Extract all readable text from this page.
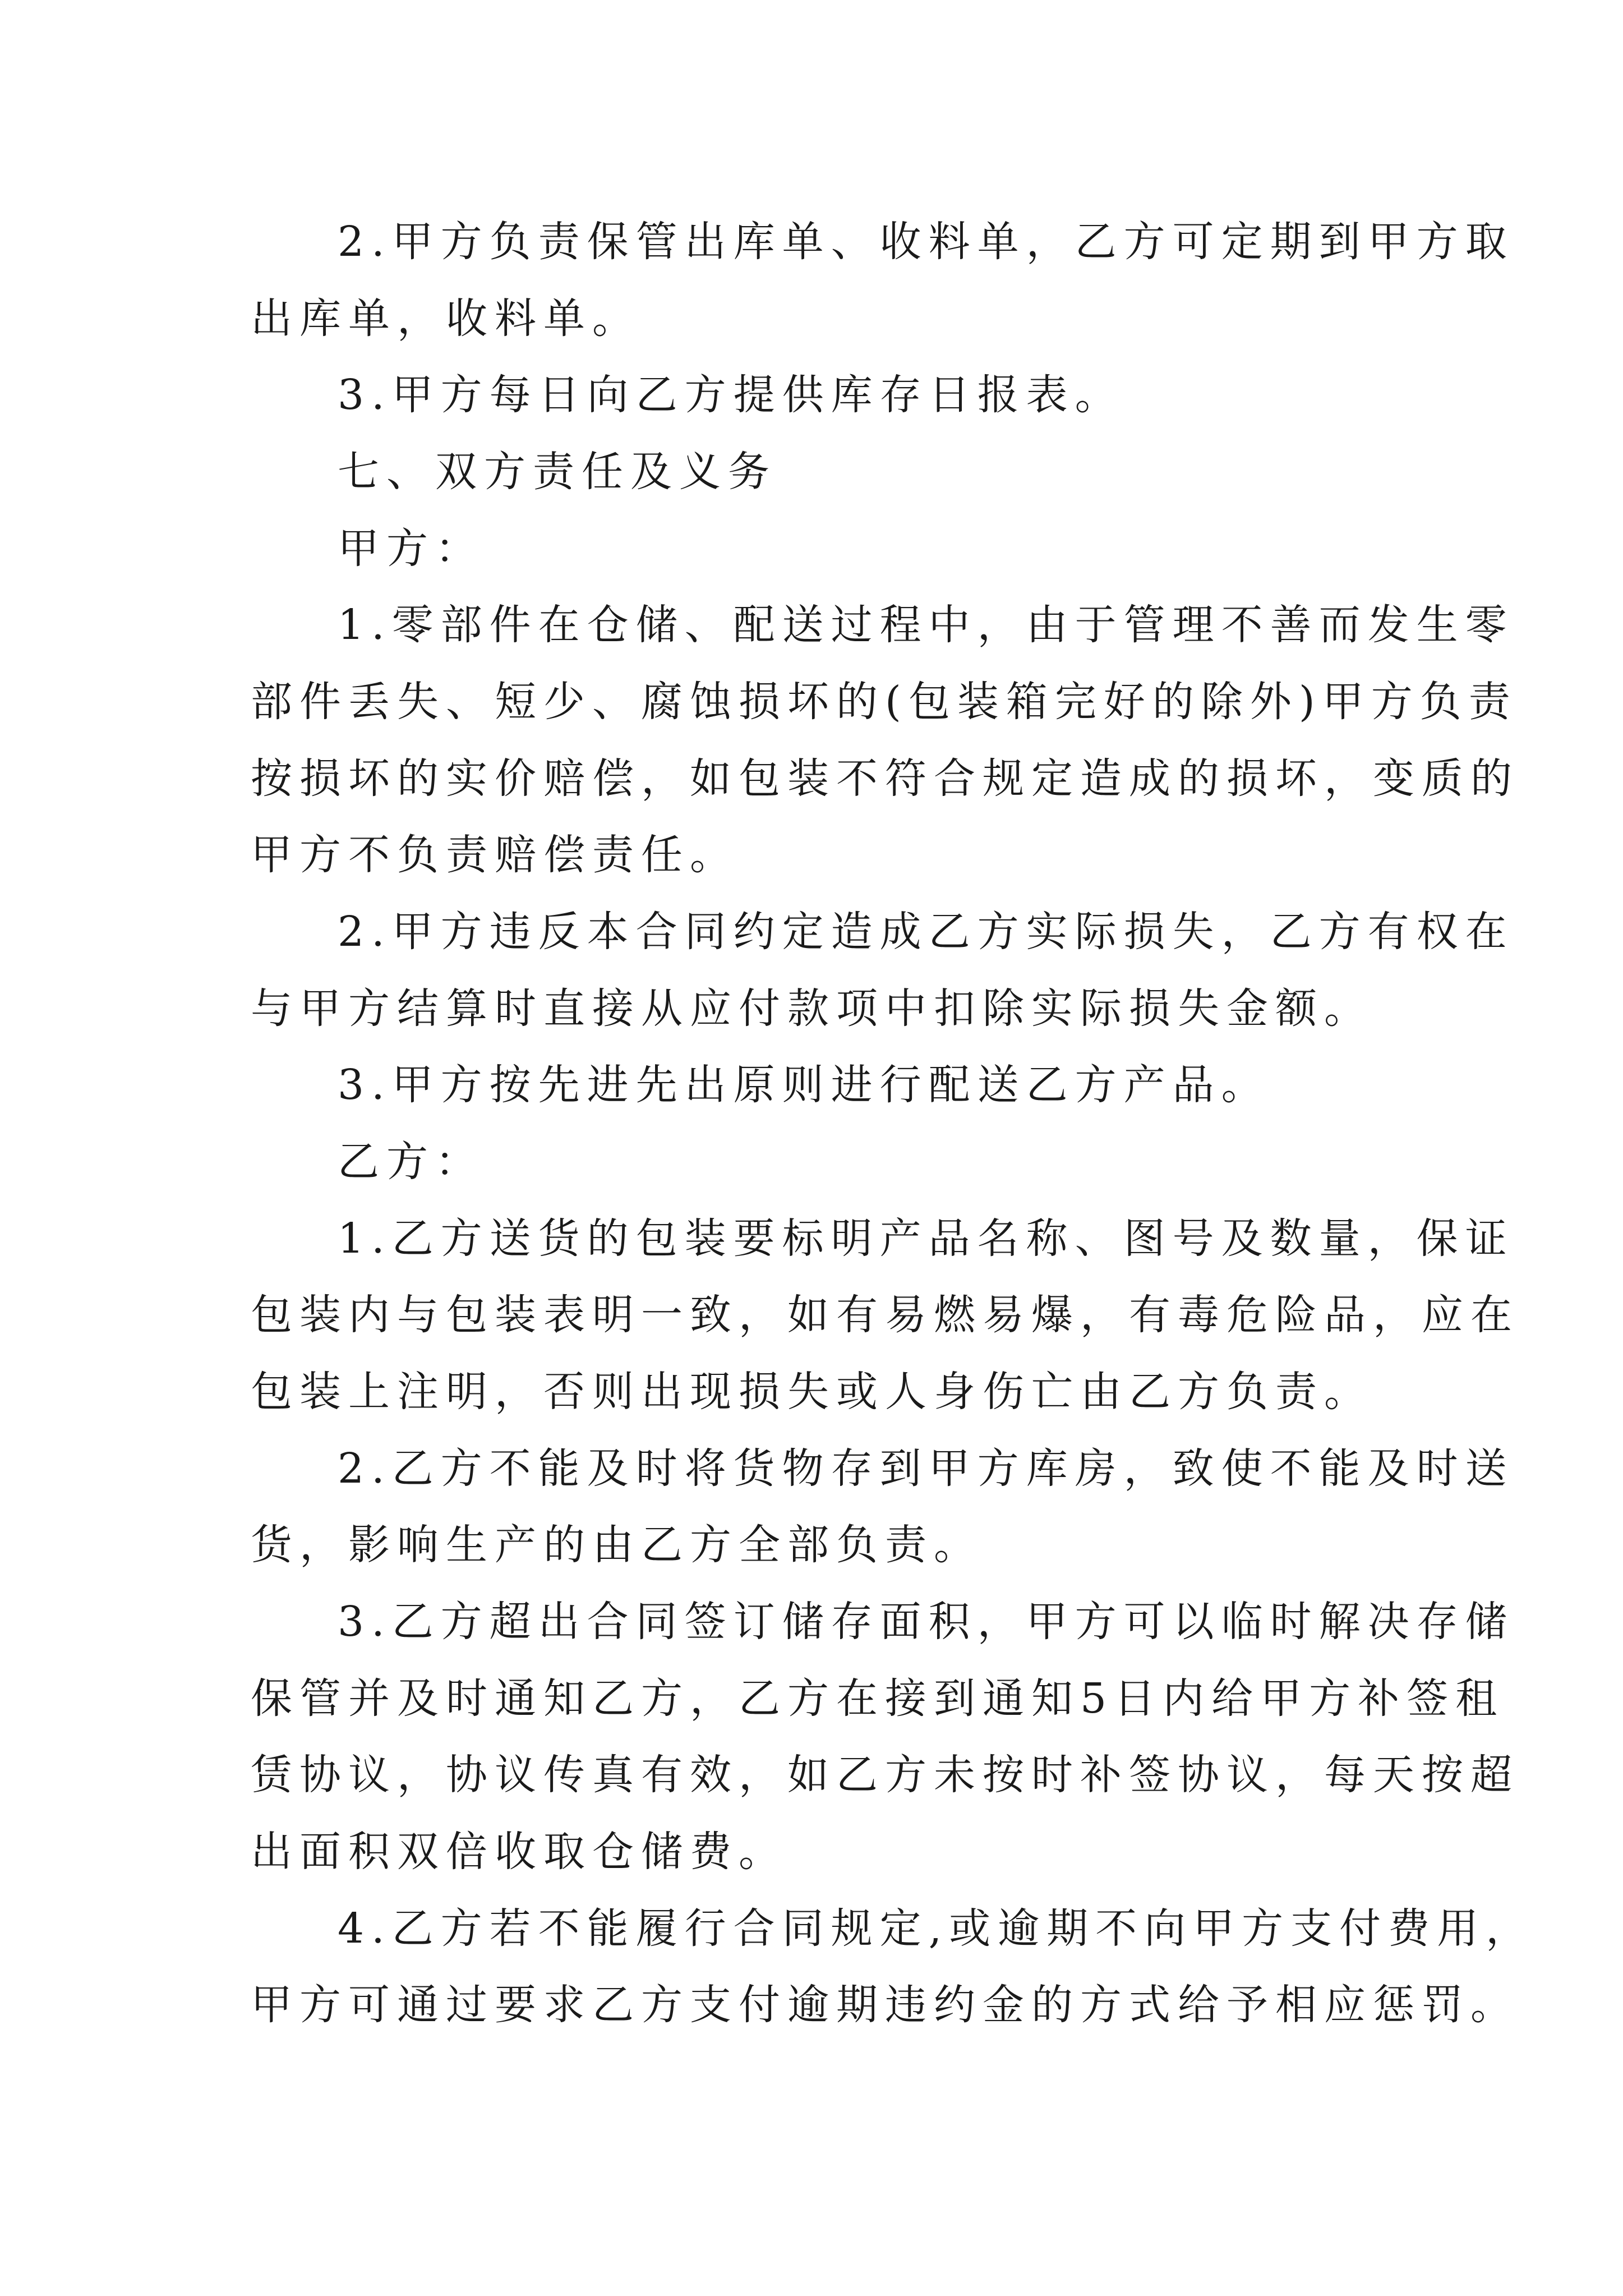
2.甲方负责保管出库单、收料单，乙方可定期到甲方取
出库单，收料单。
3.甲方每日向乙方提供库存日报表。
七、双方责任及义务
甲方：
1.零部件在仓储、配送过程中，由于管理不善而发生零
部件丢失、短少、腐蚀损坏的(包装箱完好的除外)甲方负责
按损坏的实价赔偿，如包装不符合规定造成的损坏，变质的
甲方不负责赔偿责任。
2.甲方违反本合同约定造成乙方实际损失，乙方有权在
与甲方结算时直接从应付款项中扣除实际损失金额。
3.甲方按先进先出原则进行配送乙方产品。
乙方：
1.乙方送货的包装要标明产品名称、图号及数量，保证
包装内与包装表明一致，如有易燃易爆，有毒危险品，应在
包装上注明，否则出现损失或人身伤亡由乙方负责。
2.乙方不能及时将货物存到甲方库房，致使不能及时送
货，影响生产的由乙方全部负责。
3.乙方超出合同签订储存面积，甲方可以临时解决存储
保管并及时通知乙方，乙方在接到通知5日内给甲方补签租
赁协议，协议传真有效，如乙方未按时补签协议，每天按超
出面积双倍收取仓储费。
4.乙方若不能履行合同规定,或逾期不向甲方支付费用，
甲方可通过要求乙方支付逾期违约金的方式给予相应惩罚。
